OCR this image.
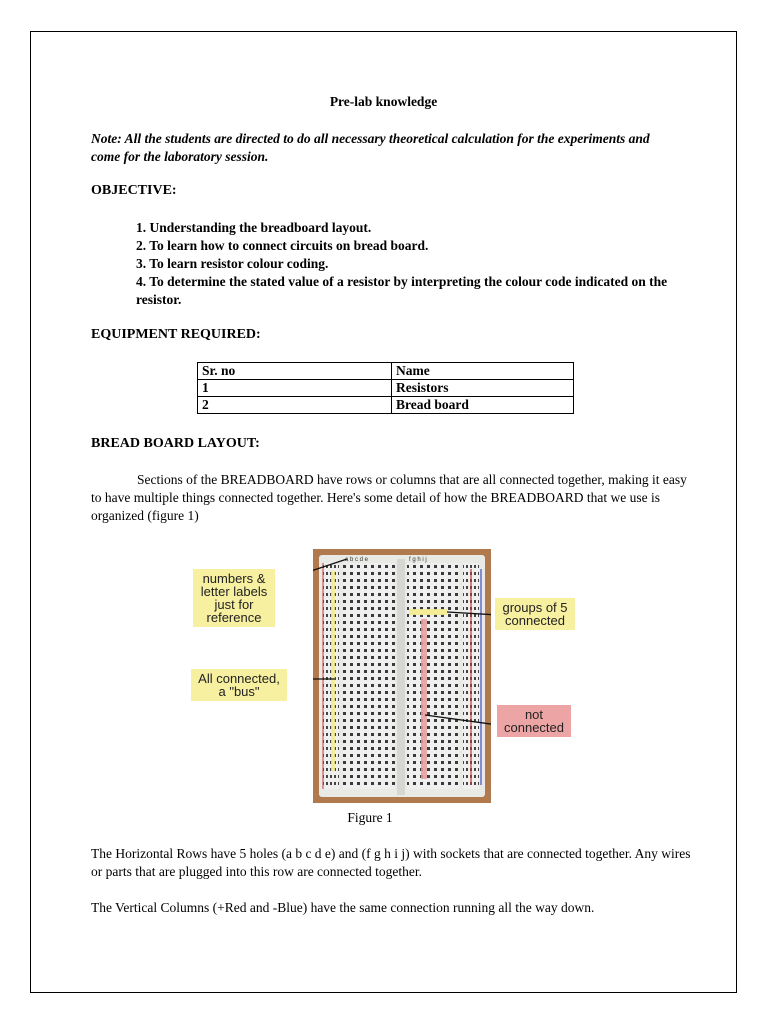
Pre-lab knowledge
Note: All the students are directed to do all necessary theoretical calculation for the experiments and come for the laboratory session.
OBJECTIVE:
1. Understanding the breadboard layout.
2. To learn how to connect circuits on bread board.
3. To learn resistor colour coding.
4. To determine the stated value of a resistor by interpreting the colour code indicated on the resistor.
EQUIPMENT REQUIRED:
Sr. no	Name
1	Resistors
2	Bread board
BREAD BOARD LAYOUT:
Sections of the BREADBOARD have rows or columns that are all connected together, making it easy to have multiple things connected together. Here's some detail of how the BREADBOARD that we use is organized (figure 1)
a b c d e	f g h i j
numbers & letter labels just for reference
All connected, a "bus"
groups of 5 connected
not connected
Figure 1
The Horizontal Rows have 5 holes (a b c d e) and (f g h i j) with sockets that are connected together. Any wires or parts that are plugged into this row are connected together.
The Vertical Columns (+Red and -Blue) have the same connection running all the way down.
